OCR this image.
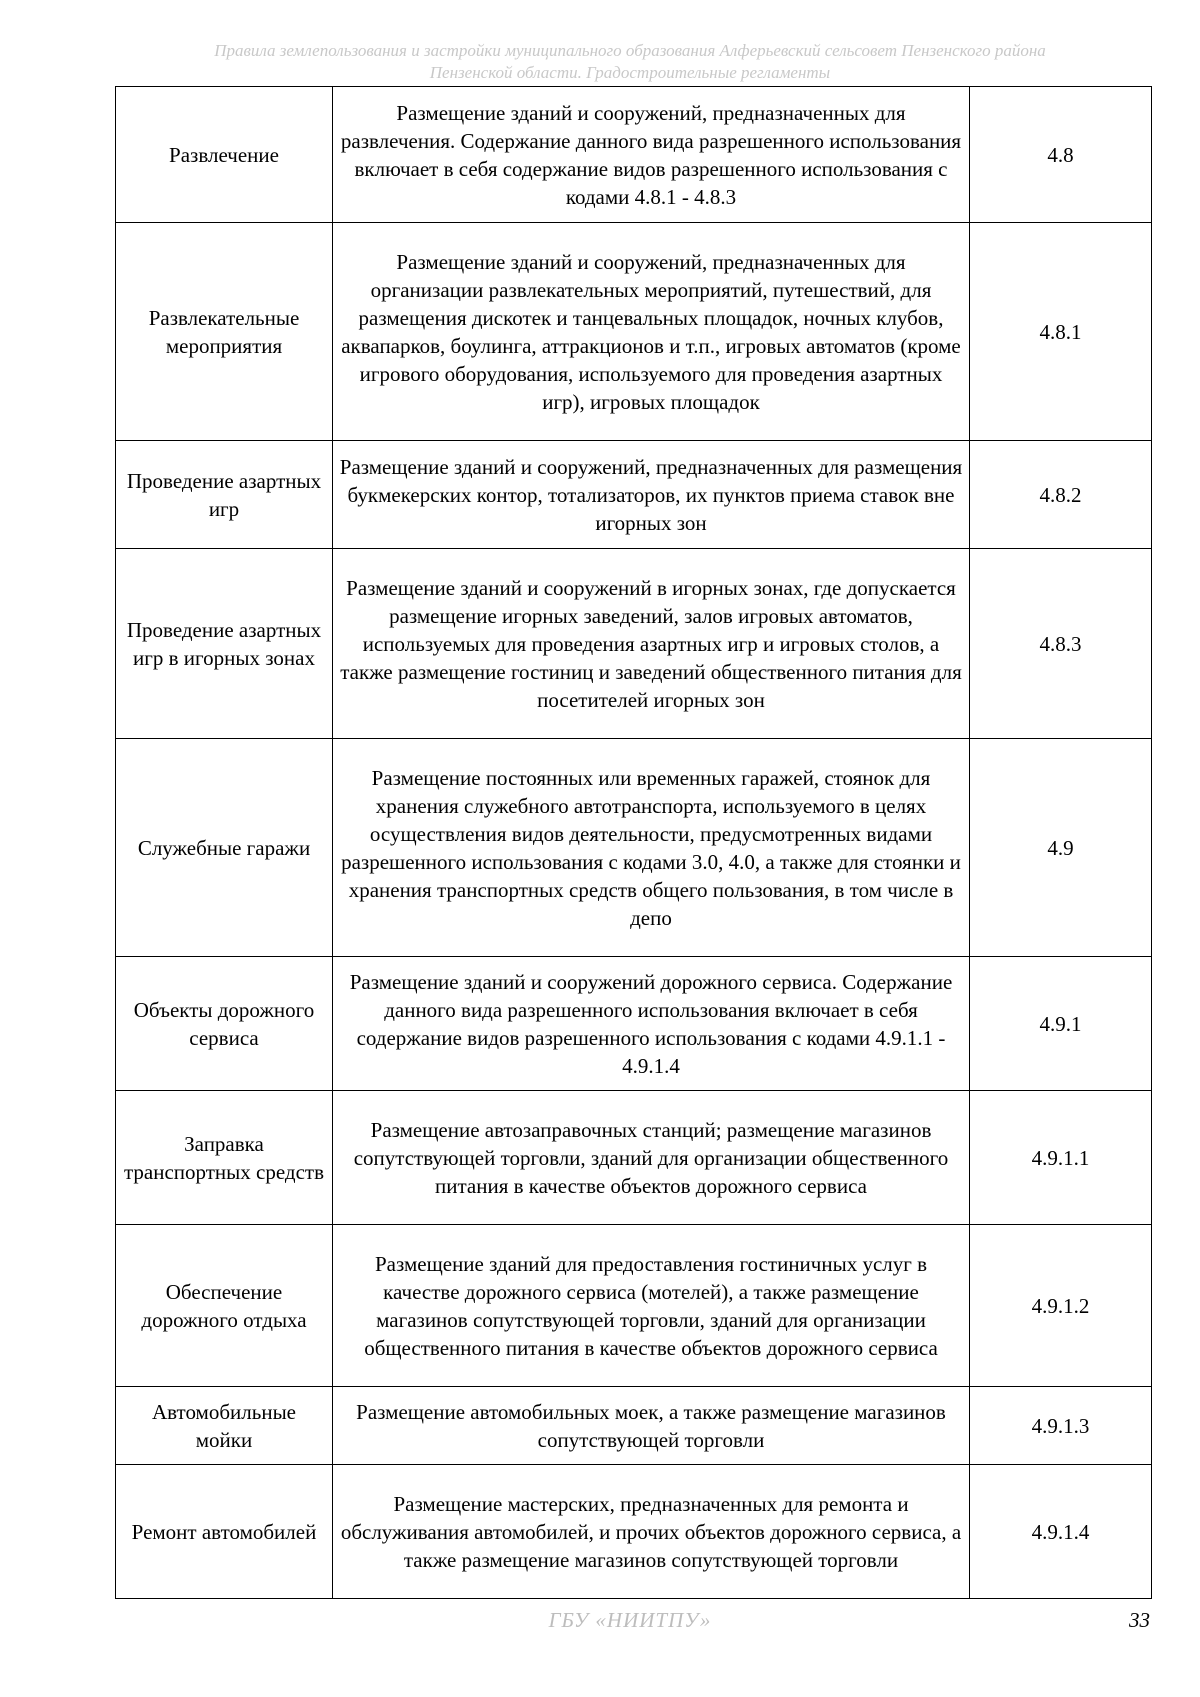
Правила землепользования и застройки муниципального образования Алферьевский сельсовет Пензенского района
Пензенской области. Градостроительные регламенты
Развлечение	Размещение зданий и сооружений, предназначенных для развлечения. Содержание данного вида разрешенного использования включает в себя содержание видов разрешенного использования с кодами 4.8.1 - 4.8.3	4.8
Развлекательные мероприятия	Размещение зданий и сооружений, предназначенных для организации развлекательных мероприятий, путешествий, для размещения дискотек и танцевальных площадок, ночных клубов, аквапарков, боулинга, аттракционов и т.п., игровых автоматов (кроме игрового оборудования, используемого для проведения азартных игр), игровых площадок	4.8.1
Проведение азартных игр	Размещение зданий и сооружений, предназначенных для размещения букмекерских контор, тотализаторов, их пунктов приема ставок вне игорных зон	4.8.2
Проведение азартных игр в игорных зонах	Размещение зданий и сооружений в игорных зонах, где допускается размещение игорных заведений, залов игровых автоматов, используемых для проведения азартных игр и игровых столов, а также размещение гостиниц и заведений общественного питания для посетителей игорных зон	4.8.3
Служебные гаражи	Размещение постоянных или временных гаражей, стоянок для хранения служебного автотранспорта, используемого в целях осуществления видов деятельности, предусмотренных видами разрешенного использования с кодами 3.0, 4.0, а также для стоянки и хранения транспортных средств общего пользования, в том числе в депо	4.9
Объекты дорожного сервиса	Размещение зданий и сооружений дорожного сервиса. Содержание данного вида разрешенного использования включает в себя содержание видов разрешенного использования с кодами 4.9.1.1 - 4.9.1.4	4.9.1
Заправка транспортных средств	Размещение автозаправочных станций; размещение магазинов сопутствующей торговли, зданий для организации общественного питания в качестве объектов дорожного сервиса	4.9.1.1
Обеспечение дорожного отдыха	Размещение зданий для предоставления гостиничных услуг в качестве дорожного сервиса (мотелей), а также размещение магазинов сопутствующей торговли, зданий для организации общественного питания в качестве объектов дорожного сервиса	4.9.1.2
Автомобильные мойки	Размещение автомобильных моек, а также размещение магазинов сопутствующей торговли	4.9.1.3
Ремонт автомобилей	Размещение мастерских, предназначенных для ремонта и обслуживания автомобилей, и прочих объектов дорожного сервиса, а также размещение магазинов сопутствующей торговли	4.9.1.4
ГБУ «НИИТПУ»	33
